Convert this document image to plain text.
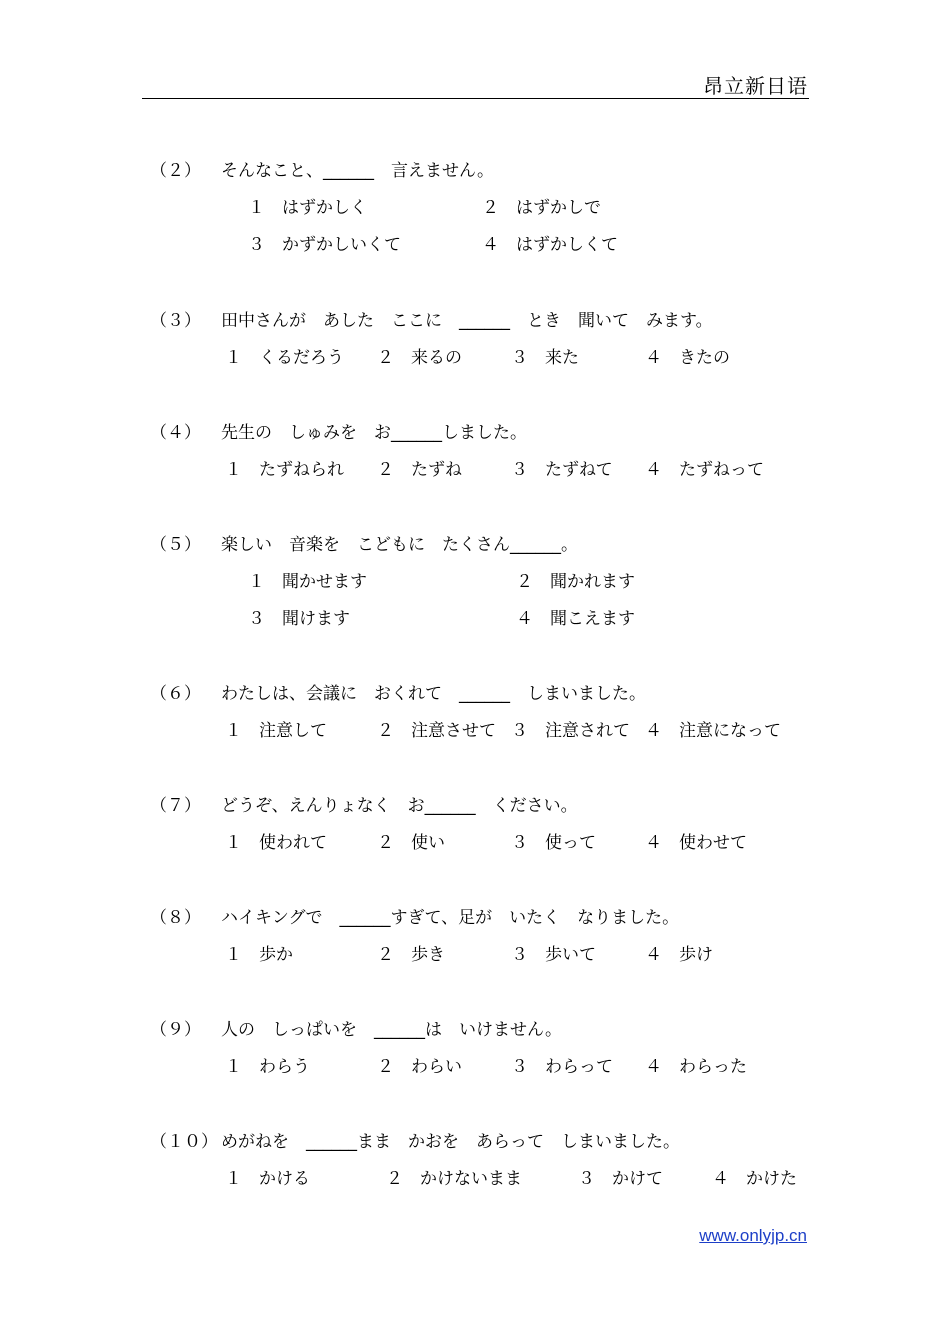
昂立新日语
（２） そんなこと、______　言えません。
１　はずかしく	２　はずかしで
３　かずかしいくて	４　はずかしくて
（３） 田中さんが　あした　ここに　______　とき　聞いて　みます。
１　くるだろう ２　来るの	３　来た	４　きたの
（４） 先生の　しゅみを　お______しました。
１　たずねられ ２　たずね	３　たずねて ４　たずねって
（５） 楽しい　音楽を　こどもに　たくさん______。
１　聞かせます	２　聞かれます
３　聞けます	４　聞こえます
（６） わたしは、会議に　おくれて　______　しまいました。
１　注意して	２　注意させて ３　注意されて ４　注意になって
（７） どうぞ、えんりょなく　お______　ください。
１　使われて	２　使い	３　使って	４　使わせて
（８） ハイキングで　______すぎて、足が　いたく　なりました。
１　歩か	２　歩き	３　歩いて	４　歩け
（９） 人の　しっぱいを　______は　いけません。
１　わらう	２　わらい	３　わらって ４　わらった
（１０） めがねを　______まま　かおを　あらって　しまいました。
１　かける	２　かけないまま	３　かけて	４　かけた
www.onlyjp.cn
